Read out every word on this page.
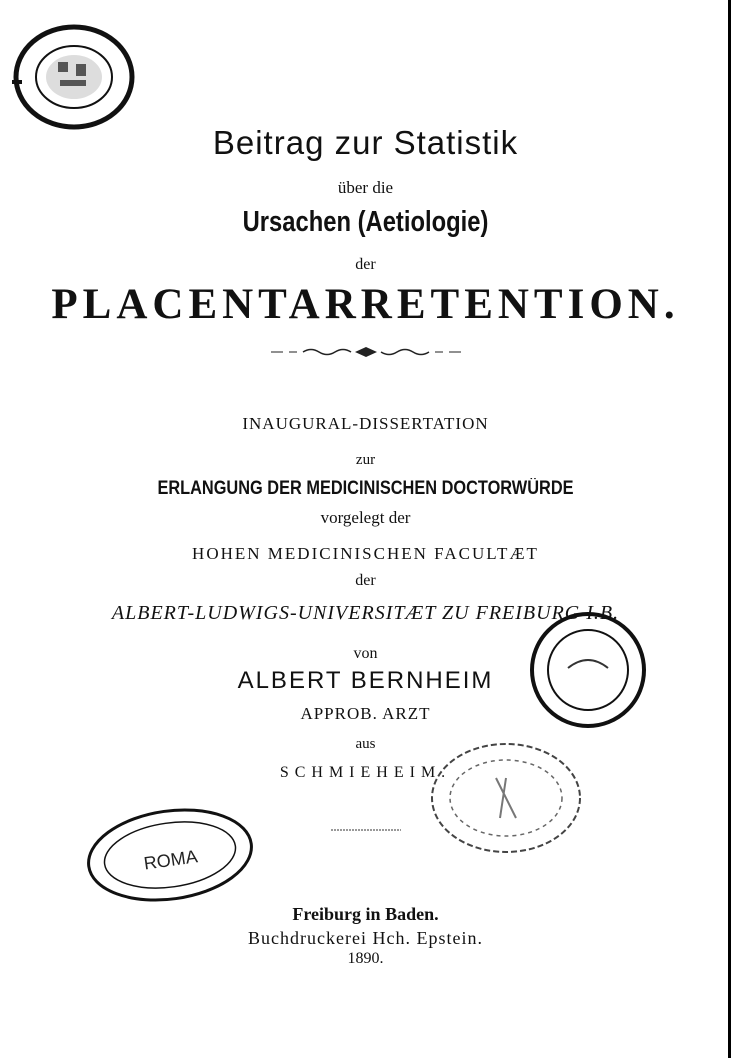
ROMA

Beitrag zur Statistik

über die

Ursachen (Aetiologie)

der

PLACENTARRETENTION.

INAUGURAL-DISSERTATION

zur

ERLANGUNG DER MEDICINISCHEN DOCTORWÜRDE

vorgelegt der

HOHEN MEDICINISCHEN FACULTÆT

der

ALBERT-LUDWIGS-UNIVERSITÆT ZU FREIBURG I.B.

von

ALBERT BERNHEIM

APPROB. ARZT

aus

SCHMIEHEIM.

Freiburg in Baden.

Buchdruckerei Hch. Epstein.

1890.
